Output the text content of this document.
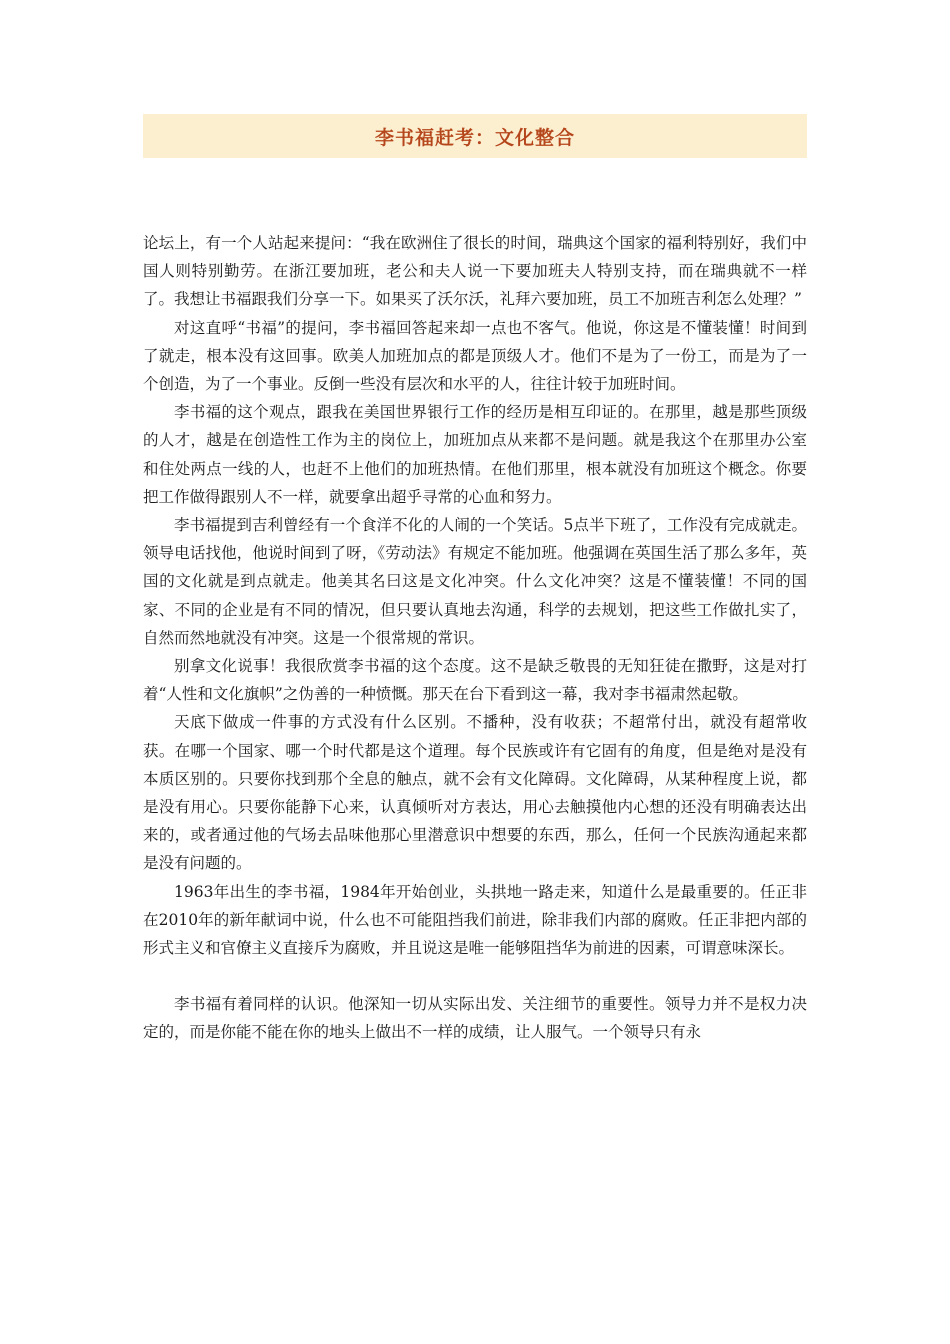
李书福赶考：文化整合

论坛上，有一个人站起来提问：“我在欧洲住了很长的时间，瑞典这个国家的福利特别好，我们中国人则特别勤劳。在浙江要加班，老公和夫人说一下要加班夫人特别支持，而在瑞典就不一样了。我想让书福跟我们分享一下。如果买了沃尔沃，礼拜六要加班，员工不加班吉利怎么处理？”

对这直呼“书福”的提问，李书福回答起来却一点也不客气。他说，你这是不懂装懂！时间到了就走，根本没有这回事。欧美人加班加点的都是顶级人才。他们不是为了一份工，而是为了一个创造，为了一个事业。反倒一些没有层次和水平的人，往往计较于加班时间。

李书福的这个观点，跟我在美国世界银行工作的经历是相互印证的。在那里，越是那些顶级的人才，越是在创造性工作为主的岗位上，加班加点从来都不是问题。就是我这个在那里办公室和住处两点一线的人，也赶不上他们的加班热情。在他们那里，根本就没有加班这个概念。你要把工作做得跟别人不一样，就要拿出超乎寻常的心血和努力。

李书福提到吉利曾经有一个食洋不化的人闹的一个笑话。5点半下班了，工作没有完成就走。领导电话找他，他说时间到了呀，《劳动法》有规定不能加班。他强调在英国生活了那么多年，英国的文化就是到点就走。他美其名曰这是文化冲突。什么文化冲突？这是不懂装懂！不同的国家、不同的企业是有不同的情况，但只要认真地去沟通，科学的去规划，把这些工作做扎实了，自然而然地就没有冲突。这是一个很常规的常识。

别拿文化说事！我很欣赏李书福的这个态度。这不是缺乏敬畏的无知狂徒在撒野，这是对打着“人性和文化旗帜”之伪善的一种愤慨。那天在台下看到这一幕，我对李书福肃然起敬。

天底下做成一件事的方式没有什么区别。不播种，没有收获；不超常付出，就没有超常收获。在哪一个国家、哪一个时代都是这个道理。每个民族或许有它固有的角度，但是绝对是没有本质区别的。只要你找到那个全息的触点，就不会有文化障碍。文化障碍，从某种程度上说，都是没有用心。只要你能静下心来，认真倾听对方表达，用心去触摸他内心想的还没有明确表达出来的，或者通过他的气场去品味他那心里潜意识中想要的东西，那么，任何一个民族沟通起来都是没有问题的。

1963年出生的李书福，1984年开始创业，头拱地一路走来，知道什么是最重要的。任正非在2010年的新年献词中说，什么也不可能阻挡我们前进，除非我们内部的腐败。任正非把内部的形式主义和官僚主义直接斥为腐败，并且说这是唯一能够阻挡华为前进的因素，可谓意味深长。

李书福有着同样的认识。他深知一切从实际出发、关注细节的重要性。领导力并不是权力决定的，而是你能不能在你的地头上做出不一样的成绩，让人服气。一个领导只有永
